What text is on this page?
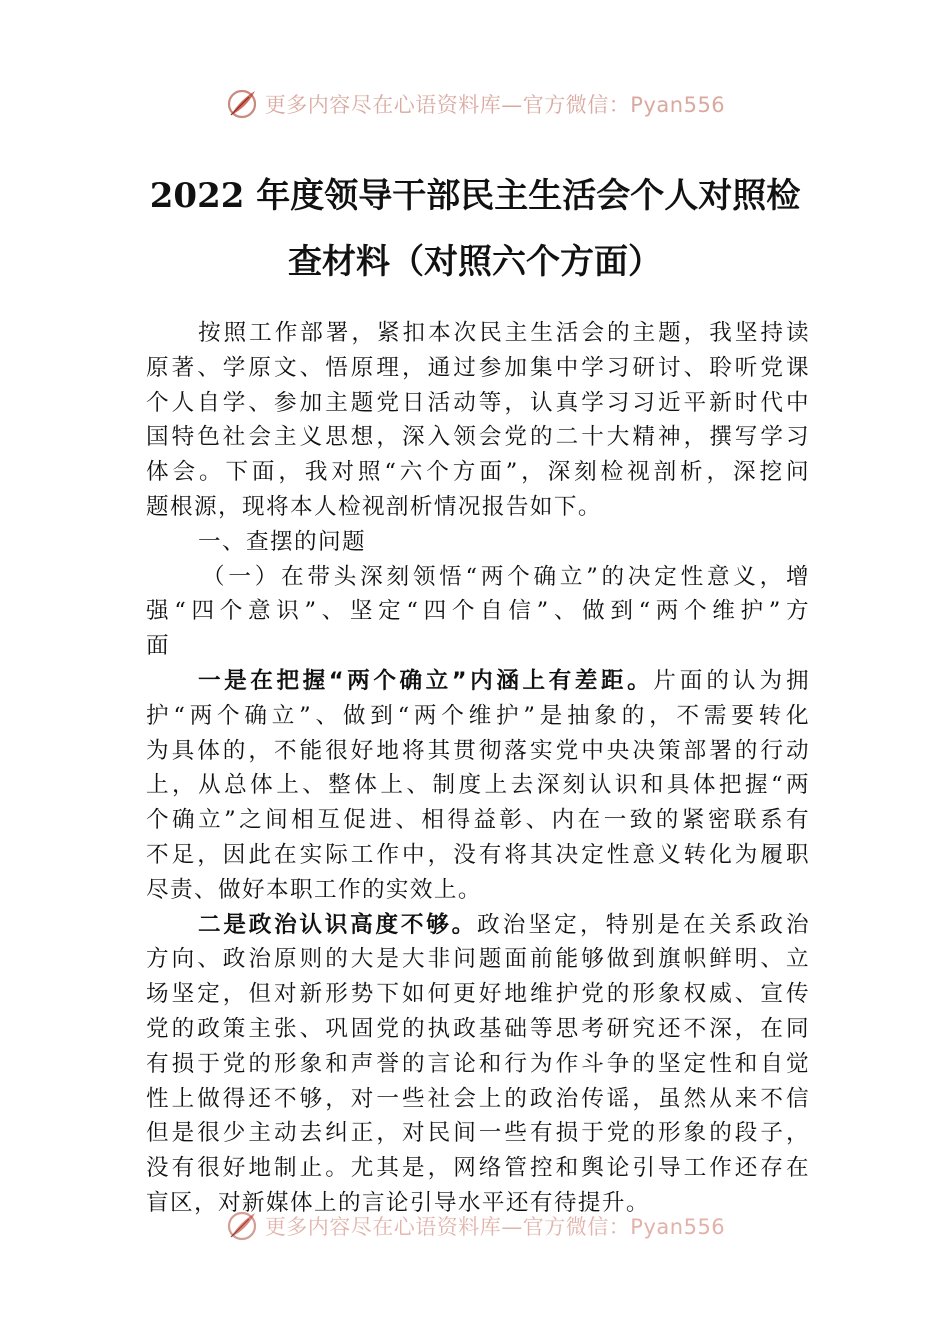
更多内容尽在心语资料库—官方微信：Pyan556
2022 年度领导干部民主生活会个人对照检
查材料（对照六个方面）
按照工作部署，紧扣本次民主生活会的主题，我坚持读
原著、学原文、悟原理，通过参加集中学习研讨、聆听党课
个人自学、参加主题党日活动等，认真学习习近平新时代中
国特色社会主义思想，深入领会党的二十大精神，撰写学习
体会。下面，我对照“六个方面”，深刻检视剖析，深挖问
题根源，现将本人检视剖析情况报告如下。
一、查摆的问题
（一）在带头深刻领悟“两个确立”的决定性意义，增
强“四个意识”、坚定“四个自信”、做到“两个维护”方
面
一是在把握“两个确立”内涵上有差距。片面的认为拥
护“两个确立”、做到“两个维护”是抽象的，不需要转化
为具体的，不能很好地将其贯彻落实党中央决策部署的行动
上，从总体上、整体上、制度上去深刻认识和具体把握“两
个确立”之间相互促进、相得益彰、内在一致的紧密联系有
不足，因此在实际工作中，没有将其决定性意义转化为履职
尽责、做好本职工作的实效上。
二是政治认识高度不够。政治坚定，特别是在关系政治
方向、政治原则的大是大非问题面前能够做到旗帜鲜明、立
场坚定，但对新形势下如何更好地维护党的形象权威、宣传
党的政策主张、巩固党的执政基础等思考研究还不深，在同
有损于党的形象和声誉的言论和行为作斗争的坚定性和自觉
性上做得还不够，对一些社会上的政治传谣，虽然从来不信
但是很少主动去纠正，对民间一些有损于党的形象的段子，
没有很好地制止。尤其是，网络管控和舆论引导工作还存在
盲区，对新媒体上的言论引导水平还有待提升。
更多内容尽在心语资料库—官方微信：Pyan556
